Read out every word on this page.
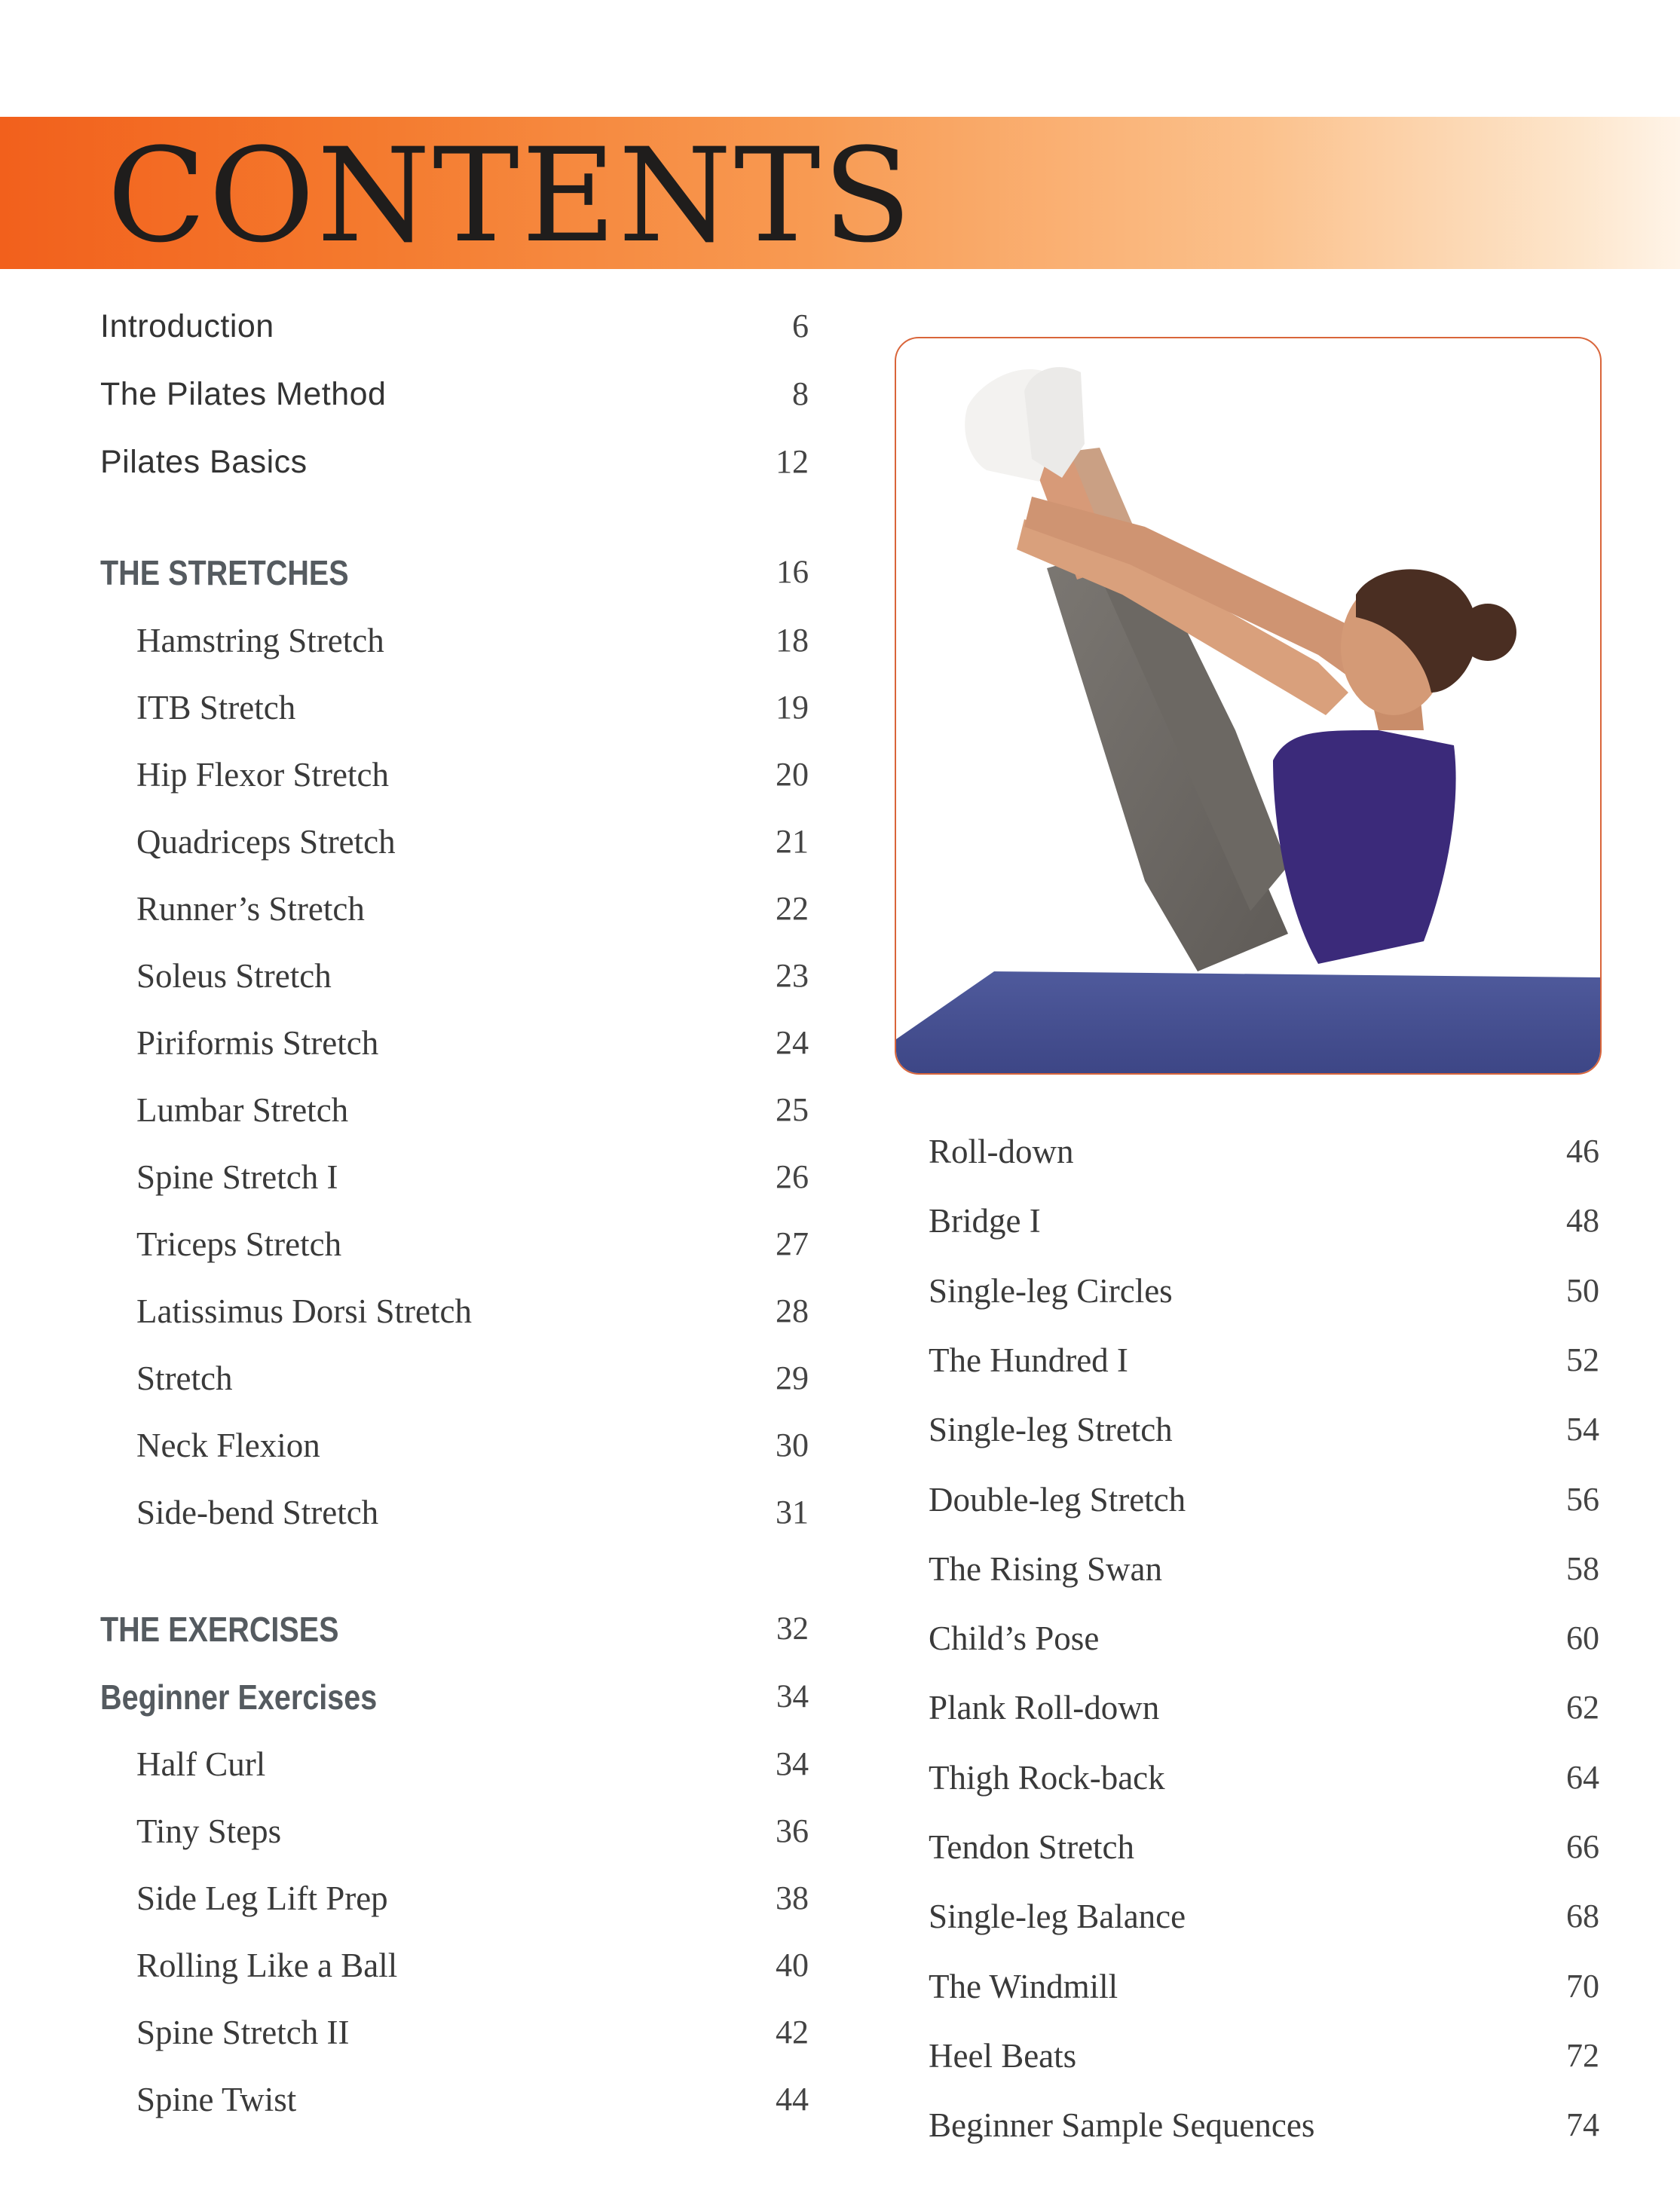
CONTENTS
Introduction	6
The Pilates Method	8
Pilates Basics	12
THE STRETCHES	16
Hamstring Stretch	18
ITB Stretch	19
Hip Flexor Stretch	20
Quadriceps Stretch	21
Runner’s Stretch	22
Soleus Stretch	23
Piriformis Stretch	24
Lumbar Stretch	25
Spine Stretch I	26
Triceps Stretch	27
Latissimus Dorsi Stretch	28
Stretch	29
Neck Flexion	30
Side-bend Stretch	31
THE EXERCISES	32
Beginner Exercises	34
Half Curl	34
Tiny Steps	36
Side Leg Lift Prep	38
Rolling Like a Ball	40
Spine Stretch II	42
Spine Twist	44
Roll-down	46
Bridge I	48
Single-leg Circles	50
The Hundred I	52
Single-leg Stretch	54
Double-leg Stretch	56
The Rising Swan	58
Child’s Pose	60
Plank Roll-down	62
Thigh Rock-back	64
Tendon Stretch	66
Single-leg Balance	68
The Windmill	70
Heel Beats	72
Beginner Sample Sequences	74
